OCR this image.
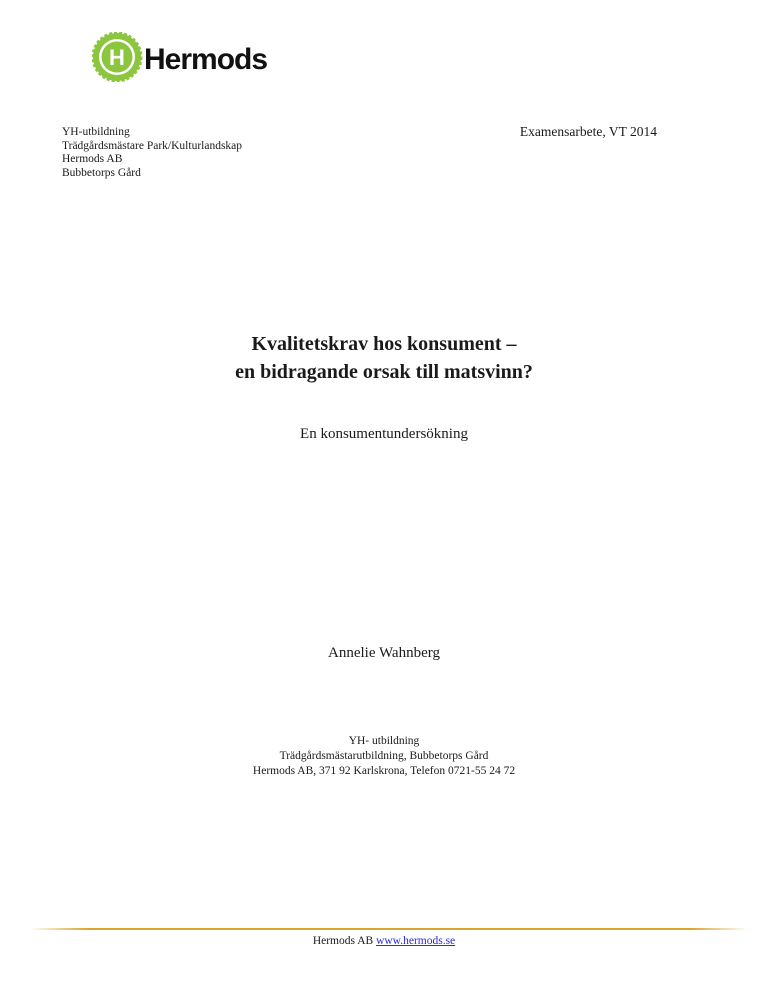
H Hermods
YH-utbildning
Trädgårdsmästare Park/Kulturlandskap
Hermods AB
Bubbetorps Gård
Examensarbete, VT 2014
Kvalitetskrav hos konsument –
en bidragande orsak till matsvinn?
En konsumentundersökning
Annelie Wahnberg
YH- utbildning
Trädgårdsmästarutbildning, Bubbetorps Gård
Hermods AB, 371 92 Karlskrona, Telefon 0721-55 24 72
Hermods AB www.hermods.se
